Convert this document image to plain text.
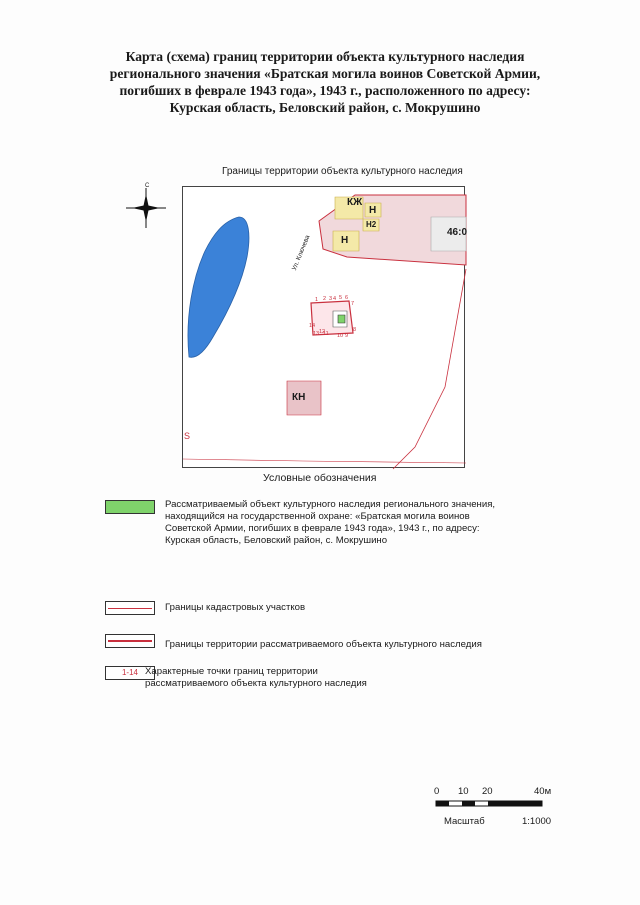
Карта (схема) границ территории объекта культурного наследия
регионального значения «Братская могила воинов Советской Армии,
погибших в феврале 1943 года», 1943 г., расположенного по адресу:
Курская область, Беловский район, с. Мокрушино
Границы территории объекта культурного наследия
С
1 2 3 4 5 6
7
8
9
10
11
12
13
14
КЖ
Н
Н2
Н
46:0
КН
S
Ул. Ключева
Условные обозначения
Рассматриваемый объект культурного наследия регионального значения,
находящийся на государственной охране: «Братская могила воинов
Советской Армии, погибших в феврале 1943 года», 1943 г., по адресу:
Курская область, Беловский район, с. Мокрушино
Границы кадастровых участков
Границы территории рассматриваемого объекта культурного наследия
1-14 Характерные точки границ территории
рассматриваемого объекта культурного наследия
0 10 20	40м
Масштаб	1:1000
